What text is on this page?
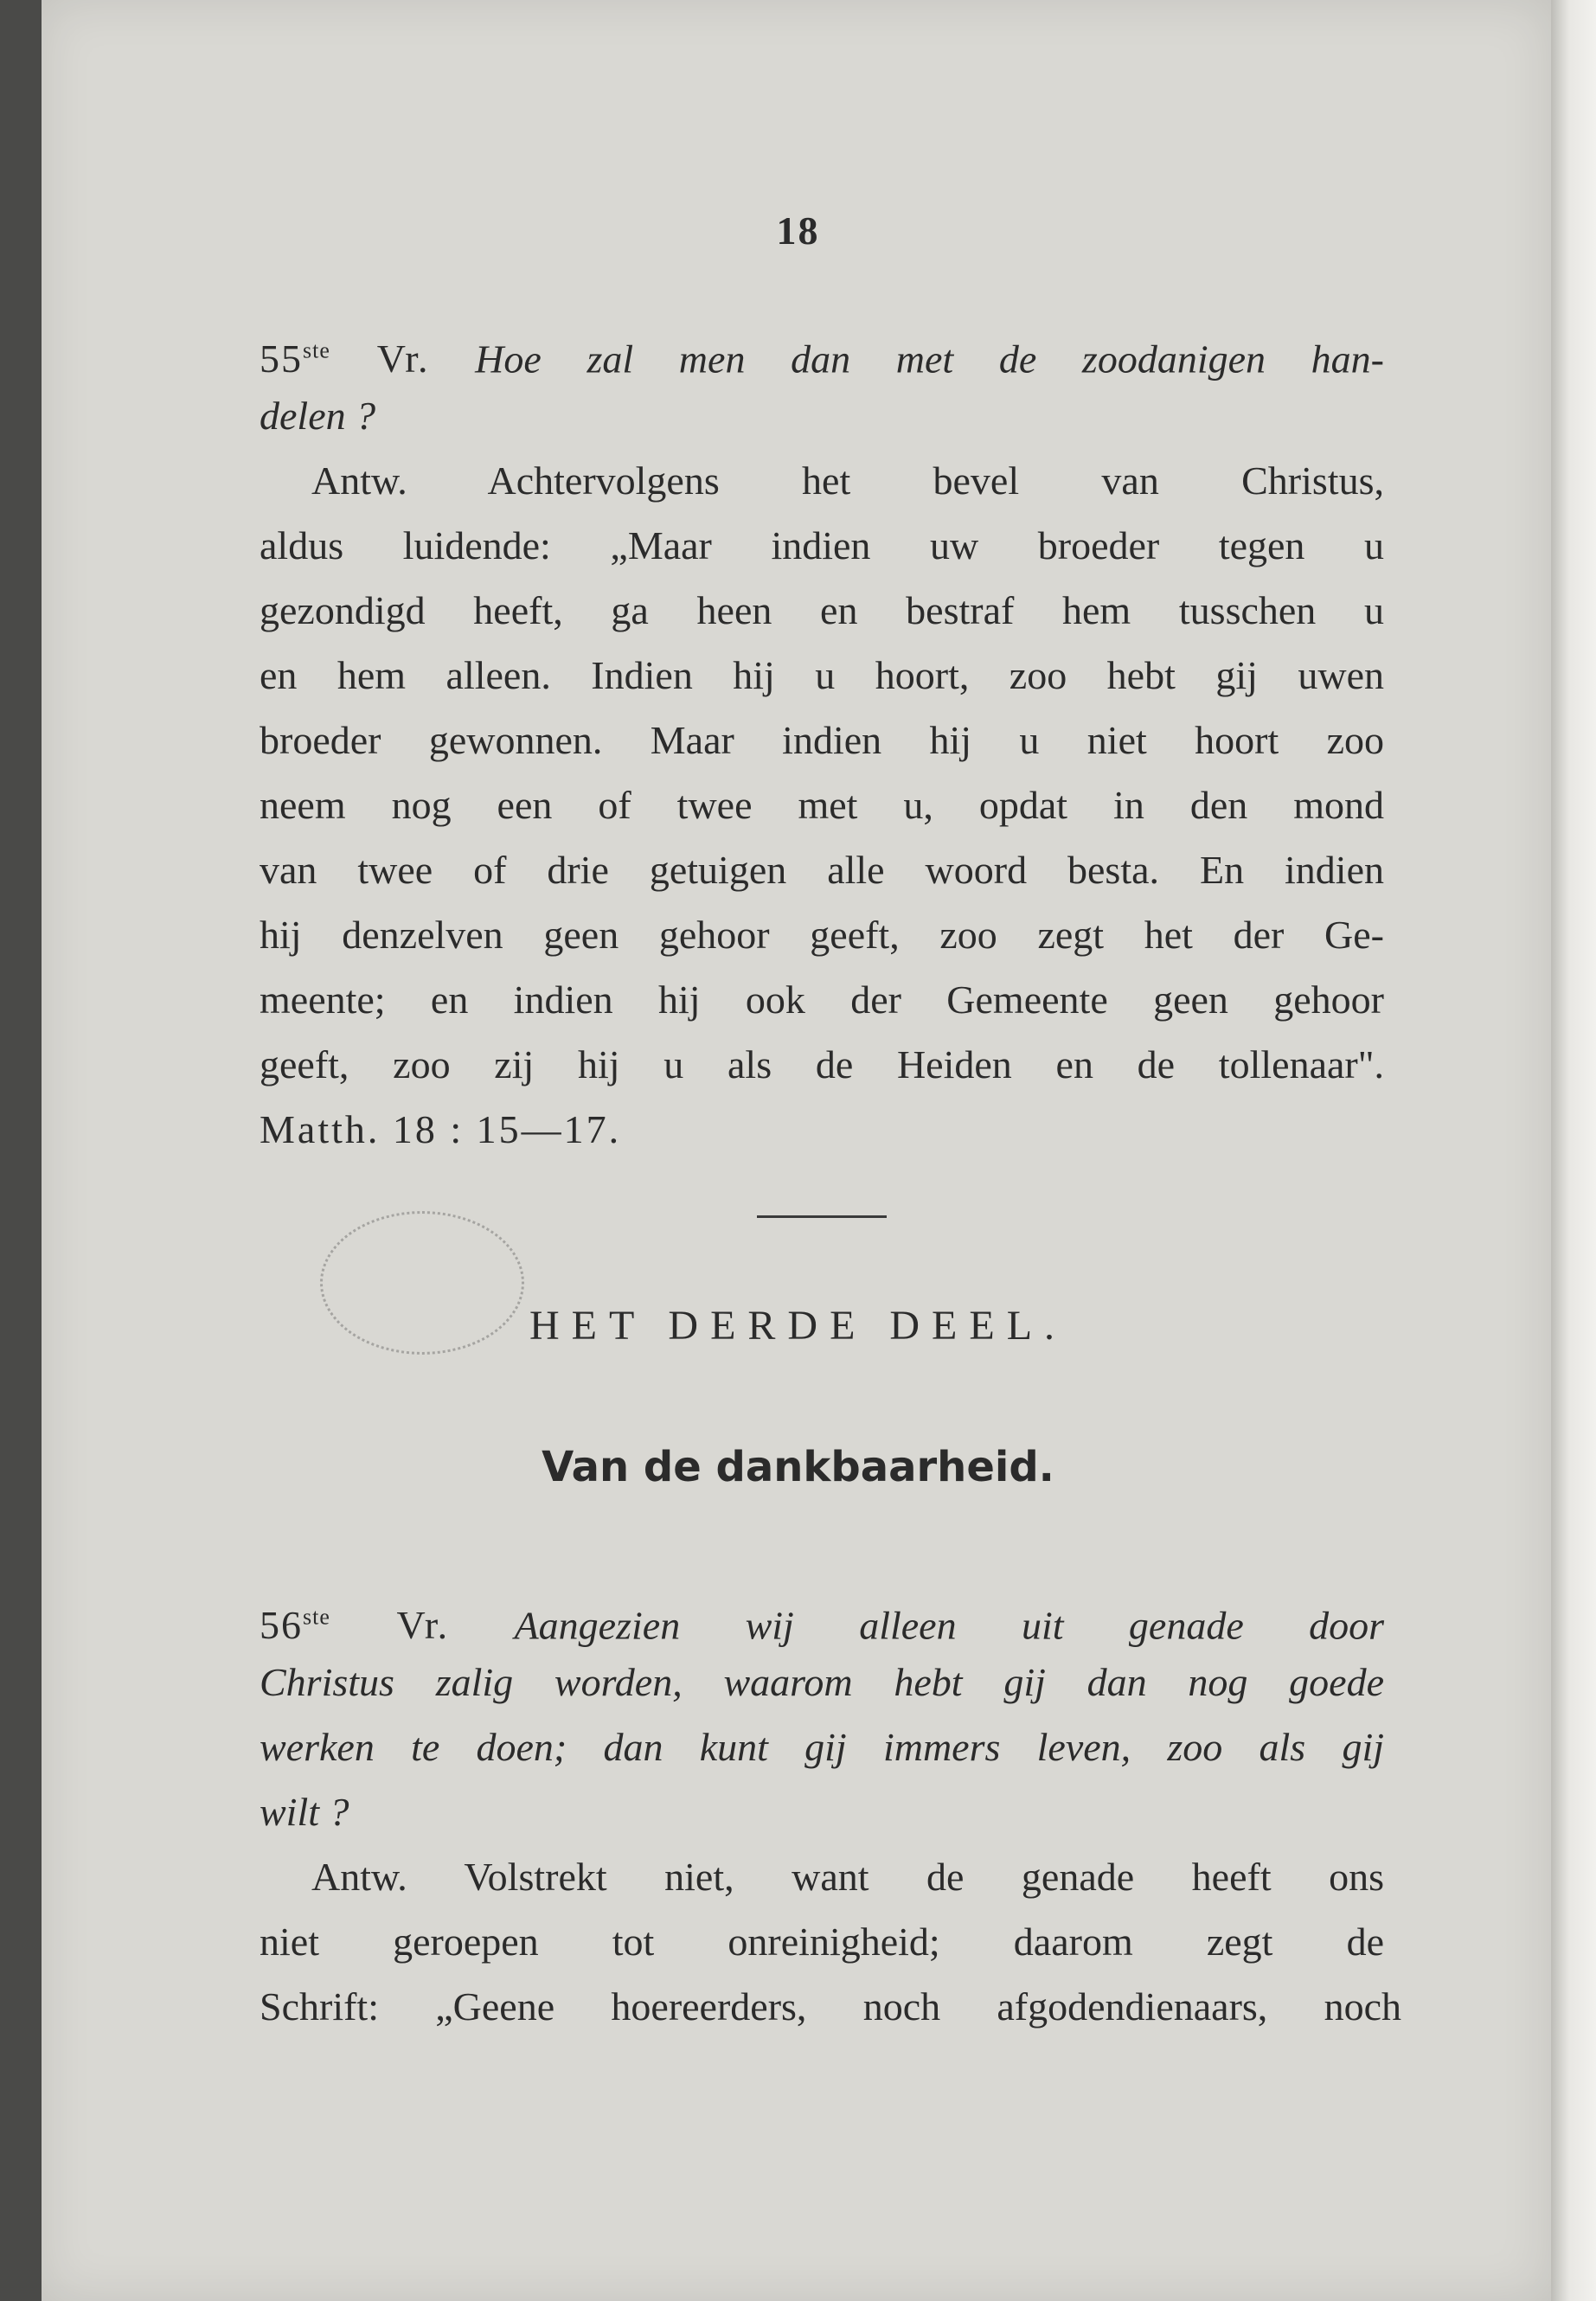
18
55ste Vr. Hoe zal men dan met de zoodanigen han-
delen ?
Antw. Achtervolgens het bevel van Christus,
aldus luidende: „Maar indien uw broeder tegen u
gezondigd heeft, ga heen en bestraf hem tusschen u
en hem alleen. Indien hij u hoort, zoo hebt gij uwen
broeder gewonnen. Maar indien hij u niet hoort zoo
neem nog een of twee met u, opdat in den mond
van twee of drie getuigen alle woord besta. En indien
hij denzelven geen gehoor geeft, zoo zegt het der Ge-
meente; en indien hij ook der Gemeente geen gehoor
geeft, zoo zij hij u als de Heiden en de tollenaar".
Matth. 18 : 15—17.
HET DERDE DEEL.
Van de dankbaarheid.
56ste Vr. Aangezien wij alleen uit genade door
Christus zalig worden, waarom hebt gij dan nog goede
werken te doen; dan kunt gij immers leven, zoo als gij
wilt ?
Antw. Volstrekt niet, want de genade heeft ons
niet geroepen tot onreinigheid; daarom zegt de
Schrift: „Geene hoereerders, noch afgodendienaars, noch
